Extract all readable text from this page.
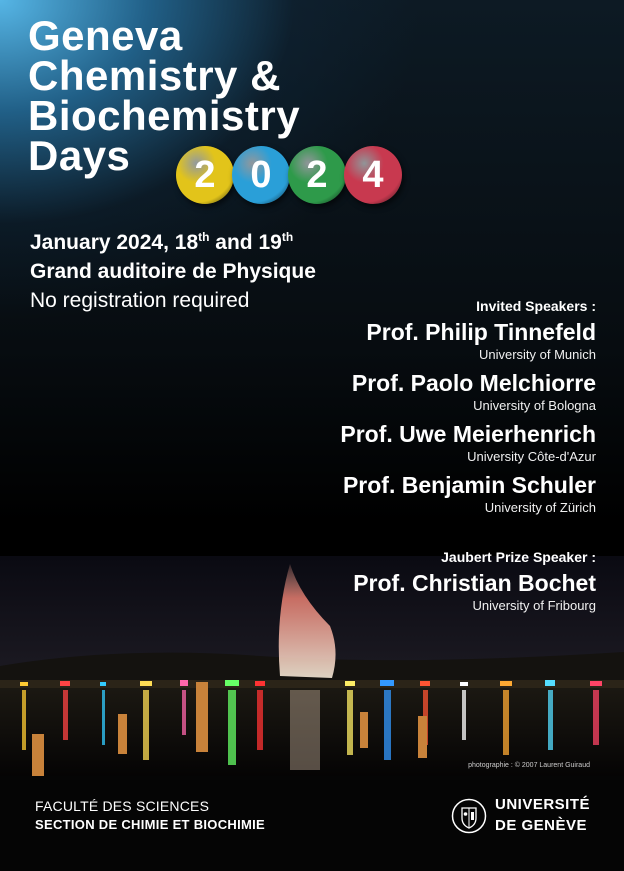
Geneva
Chemistry &
Biochemistry
Days	2 0 2 4
January 2024, 18th and 19th
Grand auditoire de Physique
No registration required	Invited Speakers :
Prof. Philip Tinnefeld
University of Munich
Prof. Paolo Melchiorre
University of Bologna
Prof. Uwe Meierhenrich
University Côte-d'Azur
Prof. Benjamin Schuler
University of Zürich
Jaubert Prize Speaker :
Prof. Christian Bochet
University of Fribourg
photographie : © 2007 Laurent Guiraud
FACULTÉ DES SCIENCES
SECTION DE CHIMIE ET BIOCHIMIE
UNIVERSITÉ
DE GENÈVE
